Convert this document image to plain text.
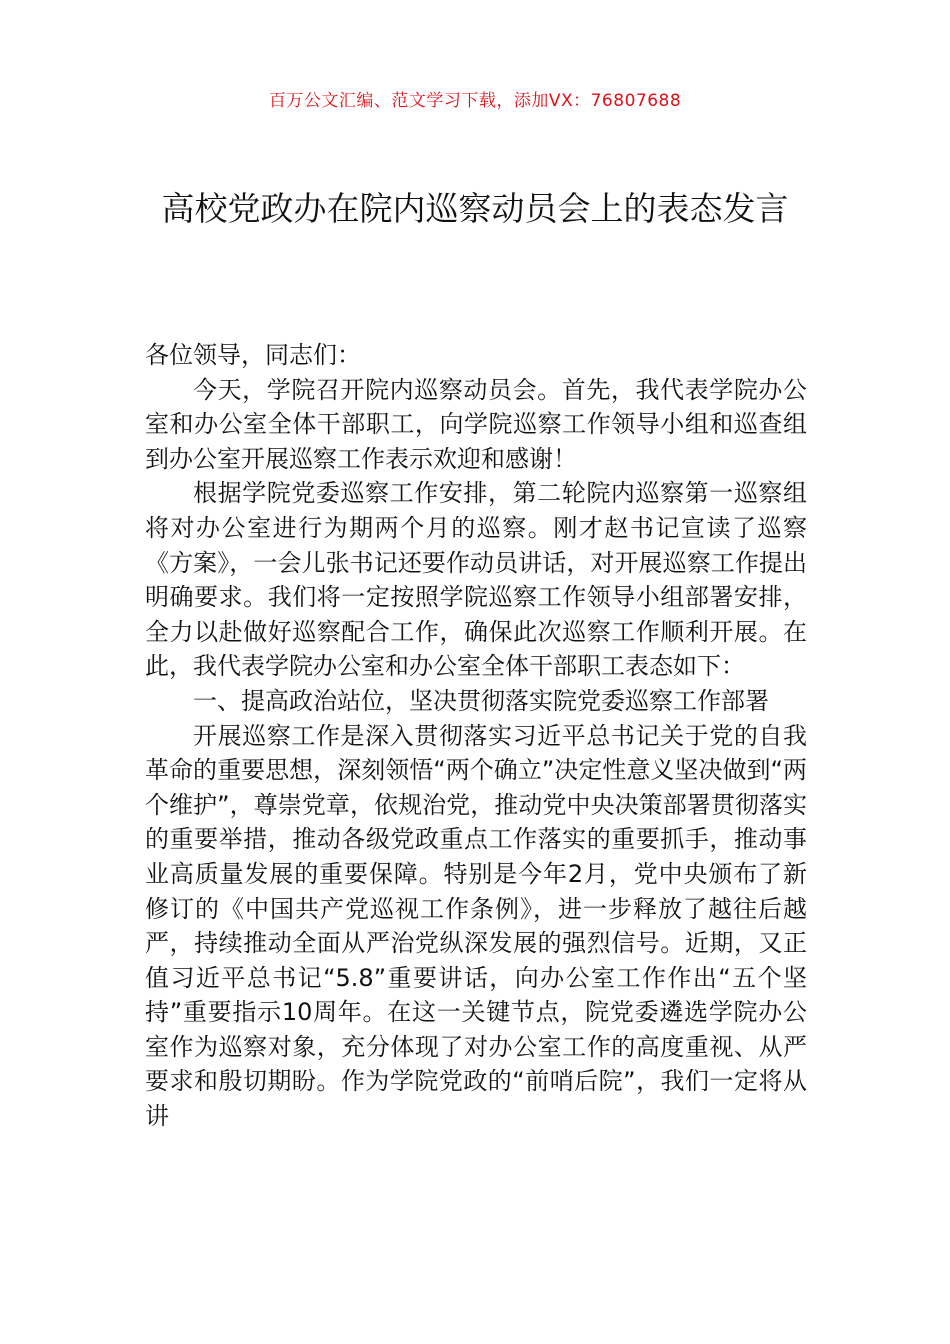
百万公文汇编、范文学习下载，添加VX：76807688
高校党政办在院内巡察动员会上的表态发言

各位领导，同志们：

今天，学院召开院内巡察动员会。首先，我代表学院办公室和办公室全体干部职工，向学院巡察工作领导小组和巡查组到办公室开展巡察工作表示欢迎和感谢！

根据学院党委巡察工作安排，第二轮院内巡察第一巡察组将对办公室进行为期两个月的巡察。刚才赵书记宣读了巡察《方案》，一会儿张书记还要作动员讲话，对开展巡察工作提出明确要求。我们将一定按照学院巡察工作领导小组部署安排，全力以赴做好巡察配合工作，确保此次巡察工作顺利开展。在此，我代表学院办公室和办公室全体干部职工表态如下：

一、提高政治站位，坚决贯彻落实院党委巡察工作部署

开展巡察工作是深入贯彻落实习近平总书记关于党的自我革命的重要思想，深刻领悟“两个确立”决定性意义坚决做到“两个维护”，尊崇党章，依规治党，推动党中央决策部署贯彻落实的重要举措，推动各级党政重点工作落实的重要抓手，推动事业高质量发展的重要保障。特别是今年2月，党中央颁布了新修订的《中国共产党巡视工作条例》，进一步释放了越往后越严，持续推动全面从严治党纵深发展的强烈信号。近期，又正值习近平总书记“5.8”重要讲话，向办公室工作作出“五个坚持”重要指示10周年。在这一关键节点，院党委遴选学院办公室作为巡察对象，充分体现了对办公室工作的高度重视、从严要求和殷切期盼。作为学院党政的“前哨后院”，我们一定将从讲
